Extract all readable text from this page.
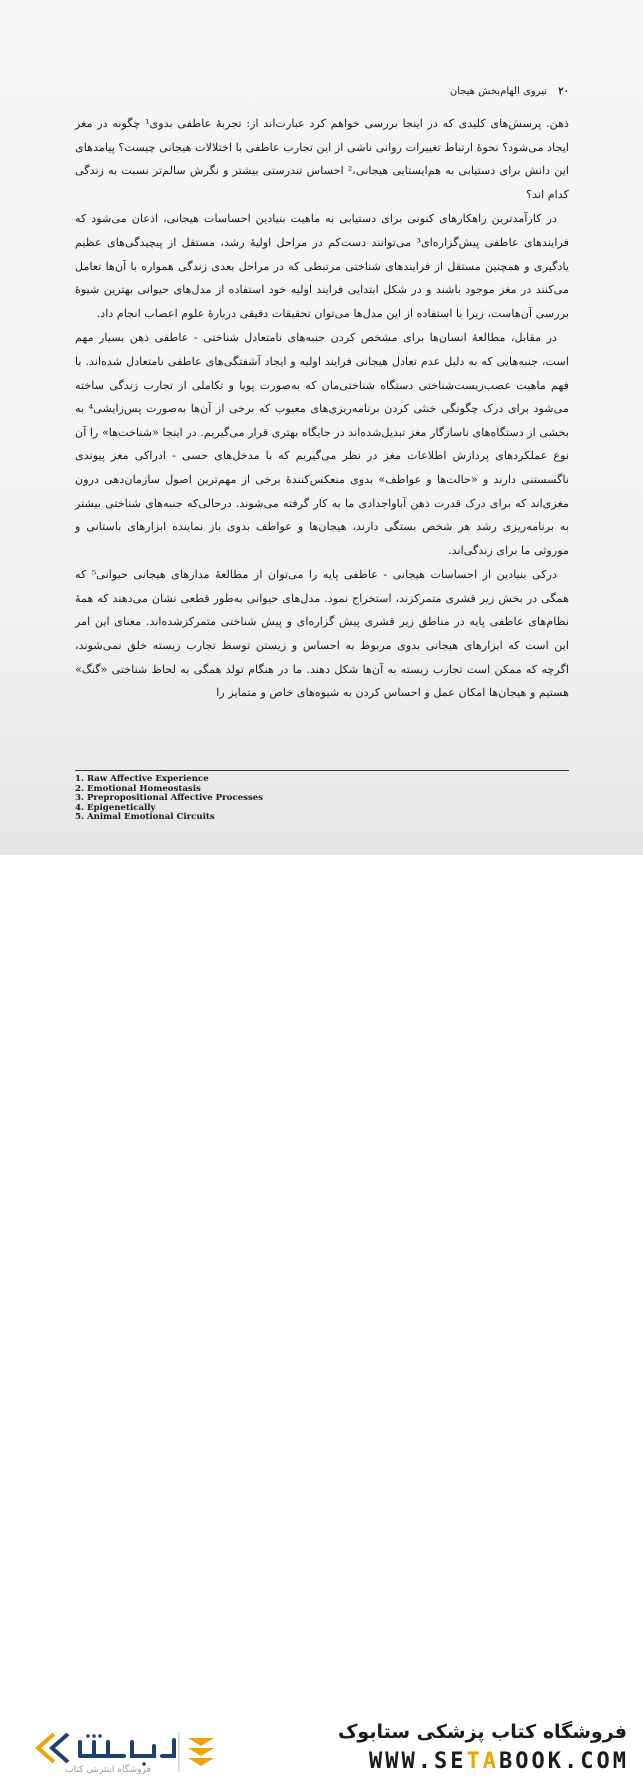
۲۰
نیروی الهام‌بخش هیجان

ذهن. پرسش‌های کلیدی که در اینجا بررسی خواهم کرد عبارت‌اند از: تجربهٔ عاطفی بدوی¹ چگونه در مغز ایجاد می‌شود؟ نحوهٔ ارتباط تغییرات روانی ناشی از این تجارب عاطفی با اختلالات هیجانی چیست؟ پیامدهای این دانش برای دستیابی به هم‌ایستایی هیجانی،² احساس تندرستی بیشتر و نگرش سالم‌تر نسبت به زندگی کدام اند؟

در کارآمدترین راهکارهای کنونی برای دستیابی به ماهیت بنیادین احساسات هیجانی، اذعان می‌شود که فرایندهای عاطفی پیش‌گزاره‌ای³ می‌توانند دست‌کم در مراحل اولیهٔ رشد، مستقل از پیچیدگی‌های عظیم یادگیری و همچنین مستقل از فرایندهای شناختی مرتبطی که در مراحل بعدی زندگی همواره با آن‌ها تعامل می‌کنند در مغز موجود باشند و در شکل ابتدایی فرایند اولیه خود استفاده از مدل‌های حیوانی بهترین شیوهٔ بررسی آن‌هاست، زیرا با استفاده از این مدل‌ها می‌توان تحقیقات دقیقی دربارهٔ علوم اعصاب انجام داد.

در مقابل، مطالعهٔ انسان‌ها برای مشخص کردن جنبه‌های نامتعادل شناختی - عاطفی ذهن بسیار مهم است، جنبه‌هایی که به دلیل عدم تعادل هیجانی فرایند اولیه و ایجاد آشفتگی‌های عاطفی نامتعادل شده‌اند. با فهم ماهیت عصب‌زیست‌شناختی دستگاه شناختی‌مان که به‌صورت پویا و تکاملی از تجارب زندگی ساخته می‌شود برای درک چگونگی خنثی کردن برنامه‌ریزی‌های معیوب که برخی از آن‌ها به‌صورت پس‌زایشی⁴ به بخشی از دستگاه‌های ناسازگار مغز تبدیل‌شده‌اند در جایگاه بهتری قرار می‌گیریم. در اینجا «شناخت‌ها» را آن نوع عملکردهای پردازش اطلاعات مغز در نظر می‌گیریم که با مدخل‌های حسی - ادراکی مغز پیوندی ناگسستنی دارند و «حالت‌ها و عواطف» بدوی منعکس‌کنندهٔ برخی از مهم‌ترین اصول سازمان‌دهی درون مغزی‌اند که برای درک قدرت ذهن آباواجدادی ما به کار گرفته می‌شوند. درحالی‌که جنبه‌های شناختی بیشتر به برنامه‌ریزی رشد هر شخص بستگی دارند، هیجان‌ها و عواطف بدوی باز نماینده ابزارهای باستانی و موروثی ما برای زندگی‌اند.

درکی بنیادین از احساسات هیجانی - عاطفی پایه را می‌توان از مطالعهٔ مدارهای هیجانی حیوانی⁵ که همگی در بخش زیر قشری متمرکزند، استخراج نمود. مدل‌های حیوانی به‌طور قطعی نشان می‌دهند که همهٔ نظام‌های عاطفی پایه در مناطق زیر قشری پیش گزاره‌ای و پیش شناختی متمرکزشده‌اند. معنای این امر این است که ابزارهای هیجانی بدوی مربوط به احساس و زیستن توسط تجارب زیسته خلق نمی‌شوند، اگرچه که ممکن است تجارب زیسته به آن‌ها شکل دهند. ما در هنگام تولد همگی به لحاظ شناختی «گنگ» هستیم و هیجان‌ها امکان عمل و احساس کردن به شیوه‌های خاص و متمایز را

1. Raw Affective Experience
2. Emotional Homeostasis
3. Prepropositional Affective Processes
4. Epigenetically
5. Animal Emotional Circuits
فروشگاه اینترنتی کتاب
فروشگاه کتاب پزشکی ستابوک
WWW.SETABOOK.COM
